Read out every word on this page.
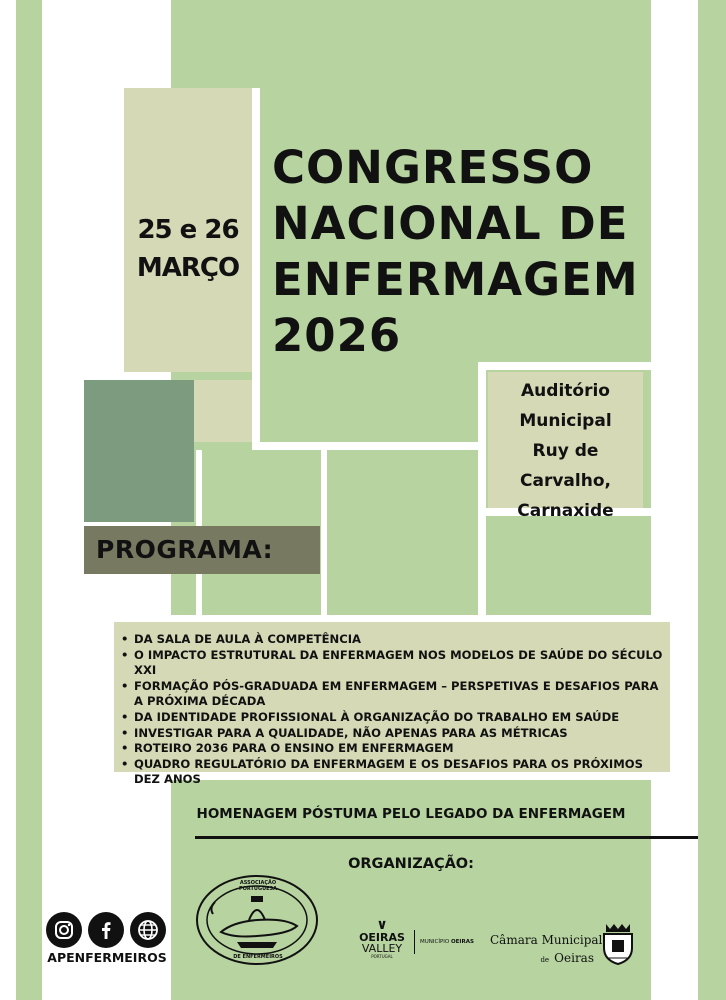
25 e 26
MARÇO
CONGRESSO
NACIONAL DE
ENFERMAGEM
2026
Auditório
Municipal
Ruy de Carvalho,
Carnaxide
PROGRAMA:
• DA SALA DE AULA À COMPETÊNCIA
• O IMPACTO ESTRUTURAL DA ENFERMAGEM NOS MODELOS DE SAÚDE DO SÉCULO XXI
• FORMAÇÃO PÓS-GRADUADA EM ENFERMAGEM – PERSPETIVAS E DESAFIOS PARA A PRÓXIMA DÉCADA
• DA IDENTIDADE PROFISSIONAL À ORGANIZAÇÃO DO TRABALHO EM SAÚDE
• INVESTIGAR PARA A QUALIDADE, NÃO APENAS PARA AS MÉTRICAS
• ROTEIRO 2036 PARA O ENSINO EM ENFERMAGEM
• QUADRO REGULATÓRIO DA ENFERMAGEM E OS DESAFIOS PARA OS PRÓXIMOS DEZ ANOS
HOMENAGEM PÓSTUMA PELO LEGADO DA ENFERMAGEM
ORGANIZAÇÃO:
ASSOCIAÇÃO PORTUGUESA
DE ENFERMEIROS
∨
OEIRAS
VALLEY
PORTUGAL
MUNICÍPIO OEIRAS Câmara Municipal
de Oeiras
APENFERMEIROS
